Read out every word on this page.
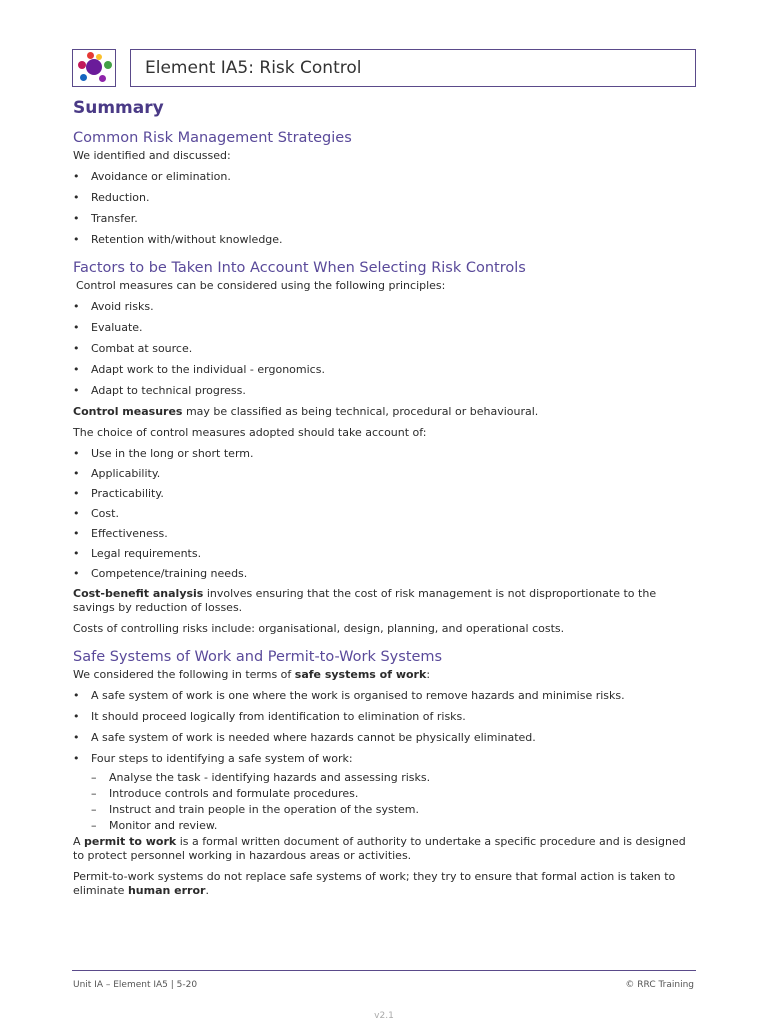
Element IA5: Risk Control
Summary
Common Risk Management Strategies

We identified and discussed:

• Avoidance or elimination.
• Reduction.
• Transfer.
• Retention with/without knowledge.
Factors to be Taken Into Account When Selecting Risk Controls

Control measures can be considered using the following principles:

• Avoid risks.
• Evaluate.
• Combat at source.
• Adapt work to the individual - ergonomics.
• Adapt to technical progress.

Control measures may be classified as being technical, procedural or behavioural.

The choice of control measures adopted should take account of:

• Use in the long or short term.
• Applicability.
• Practicability.
• Cost.
• Effectiveness.
• Legal requirements.
• Competence/training needs.

Cost-benefit analysis involves ensuring that the cost of risk management is not disproportionate to the savings by reduction of losses.

Costs of controlling risks include: organisational, design, planning, and operational costs.

Safe Systems of Work and Permit-to-Work Systems

We considered the following in terms of safe systems of work:

• A safe system of work is one where the work is organised to remove hazards and minimise risks.
• It should proceed logically from identification to elimination of risks.
• A safe system of work is needed where hazards cannot be physically eliminated.
• Four steps to identifying a safe system of work:
– Analyse the task - identifying hazards and assessing risks.
– Introduce controls and formulate procedures.
– Instruct and train people in the operation of the system.
– Monitor and review.

A permit to work is a formal written document of authority to undertake a specific procedure and is designed to protect personnel working in hazardous areas or activities.

Permit-to-work systems do not replace safe systems of work; they try to ensure that formal action is taken to eliminate human error.

Unit IA – Element IA5 | 5-20	© RRC Training
v2.1
